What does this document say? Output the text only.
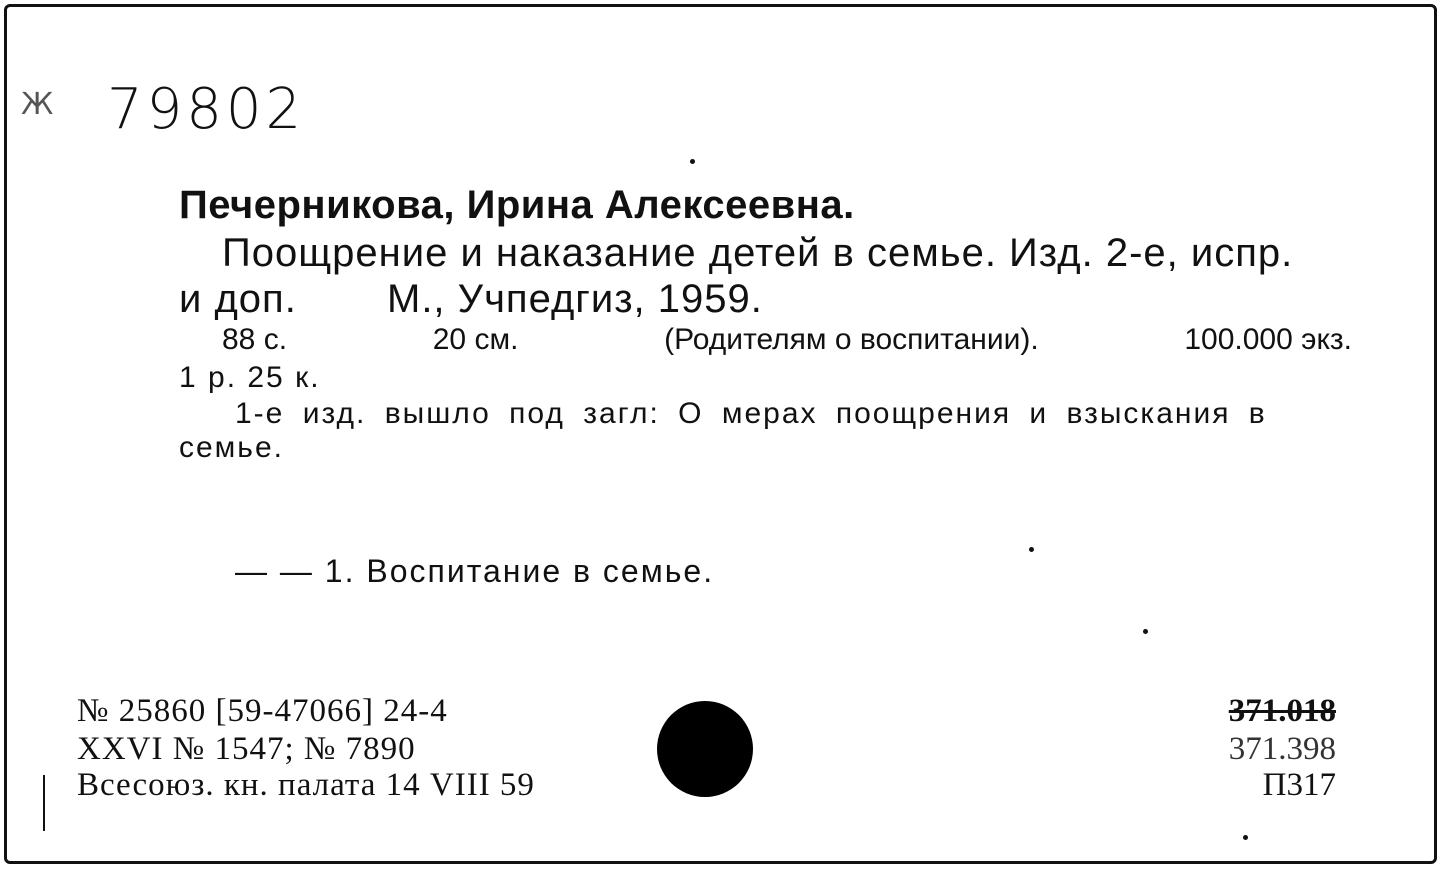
Ж 79802
Печерникова, Ирина Алексеевна.
Поощрение и наказание детей в семье. Изд. 2-е, испр.
и доп. М., Учпедгиз, 1959.
88 с.	20 см.	(Родителям о воспитании).	100.000 экз.
1 р. 25 к.
1-е изд. вышло под загл: О мерах поощрения и взыскания в
семье.
— — 1. Воспитание в семье.
№ 25860 [59-47066] 24-4
XXVI № 1547; № 7890
Всесоюз. кн. палата 14 VIII 59
371.018
371.398
П317
